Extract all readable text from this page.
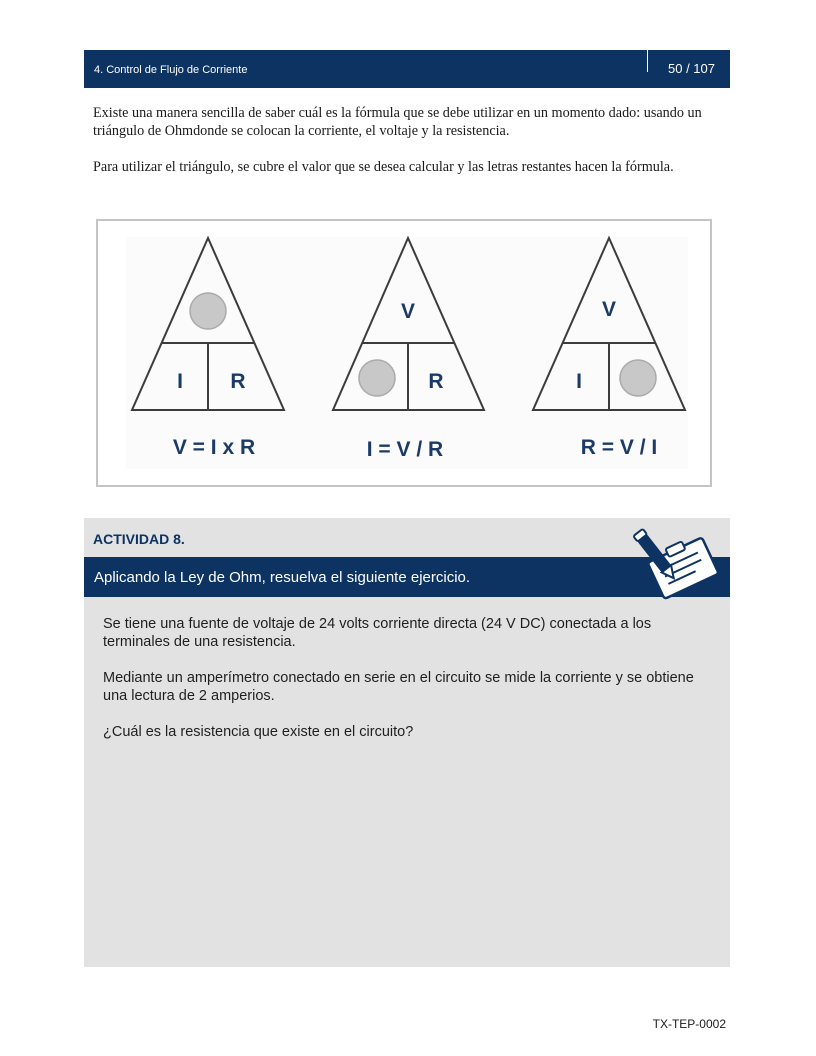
4. Control de Flujo de Corriente	50 / 107
Existe una manera sencilla de saber cuál es la fórmula que se debe utilizar en un momento dado: usando un triángulo de Ohmdonde se colocan la corriente, el voltaje y la resistencia.
Para utilizar el triángulo, se cubre el valor que se desea calcular y las letras restantes hacen la fórmula.
I R
V
R
V
I
V = I x R	I = V / R	R = V / I
ACTIVIDAD 8.
Aplicando la Ley de Ohm, resuelva el siguiente ejercicio.
Se tiene una fuente de voltaje de 24 volts corriente directa (24 V DC) conectada a los terminales de una resistencia.
Mediante un amperímetro conectado en serie en el circuito se mide la corriente y se obtiene una lectura de 2 amperios.
¿Cuál es la resistencia que existe en el circuito?
TX-TEP-0002
